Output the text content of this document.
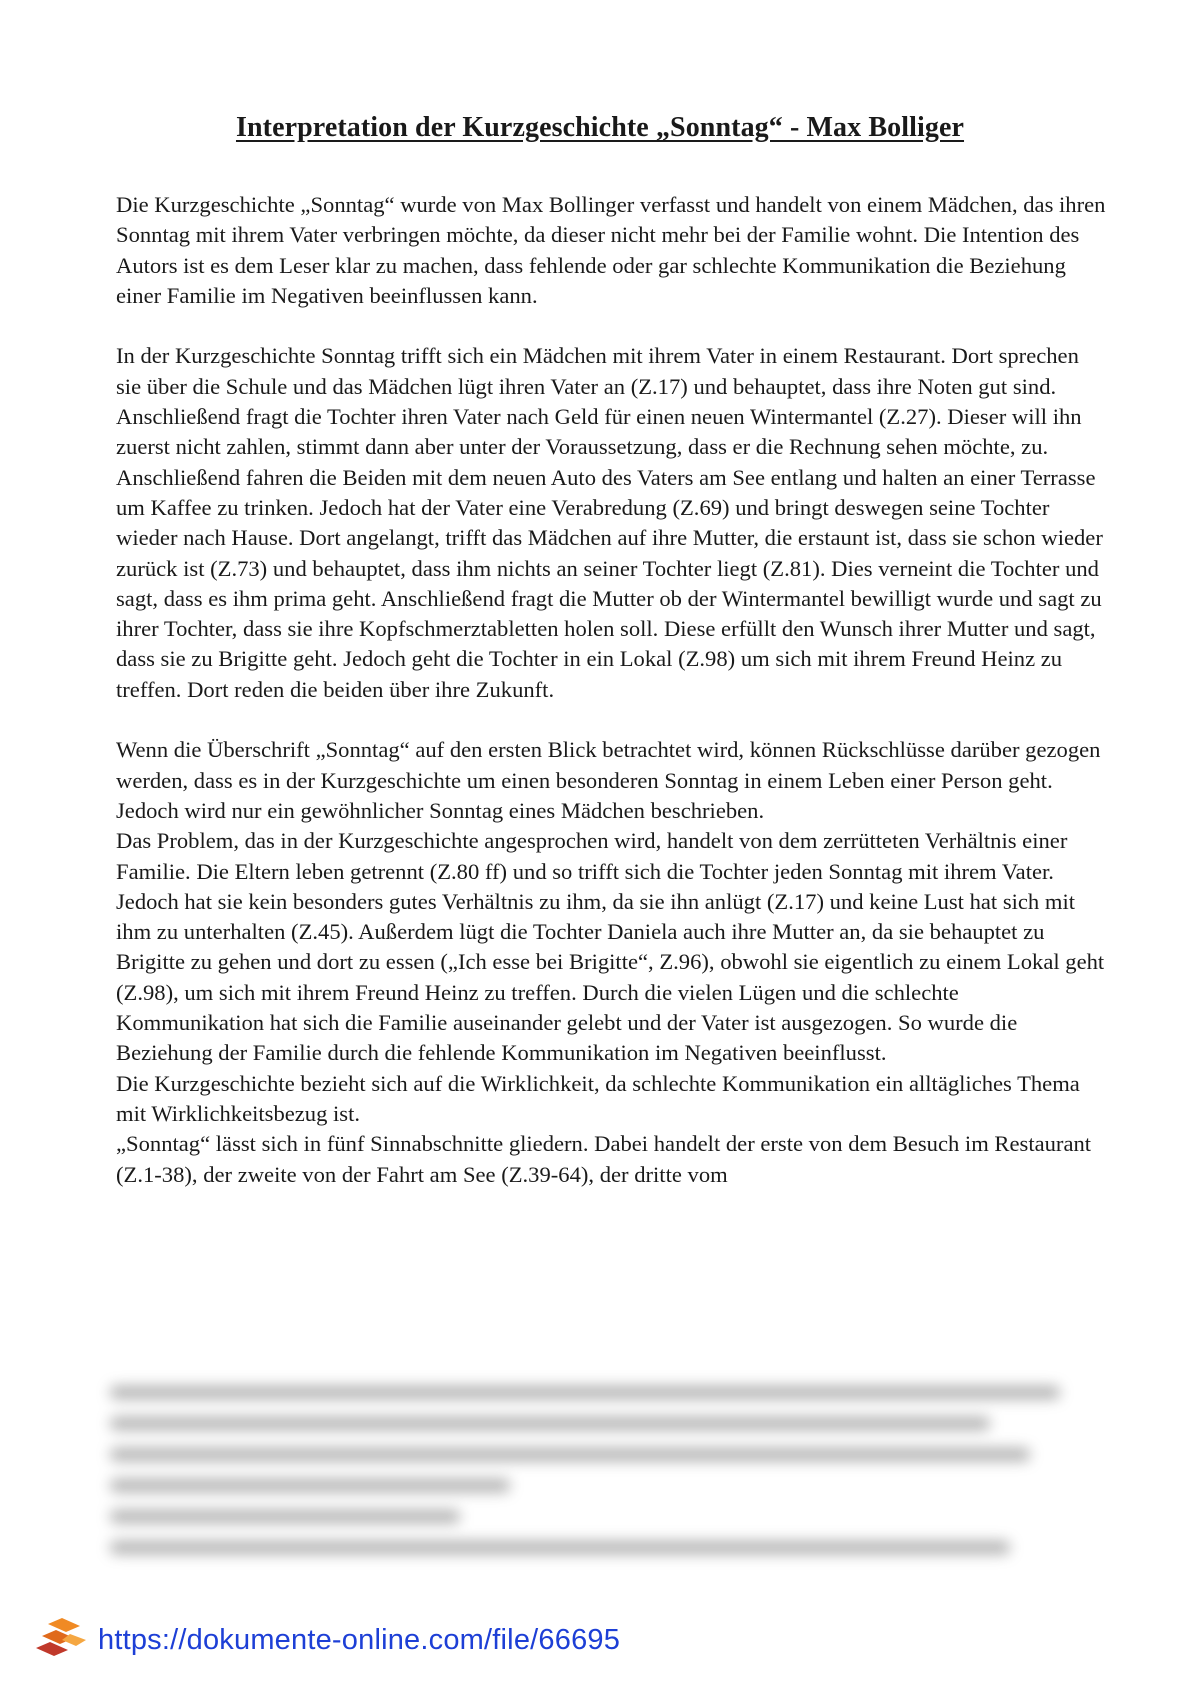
Interpretation der Kurzgeschichte „Sonntag“ - Max Bolliger

Die Kurzgeschichte „Sonntag“ wurde von Max Bollinger verfasst und handelt von einem Mädchen, das ihren Sonntag mit ihrem Vater verbringen möchte, da dieser nicht mehr bei der Familie wohnt. Die Intention des Autors ist es dem Leser klar zu machen, dass fehlende oder gar schlechte Kommunikation die Beziehung einer Familie im Negativen beeinflussen kann.

In der Kurzgeschichte Sonntag trifft sich ein Mädchen mit ihrem Vater in einem Restaurant. Dort sprechen sie über die Schule und das Mädchen lügt ihren Vater an (Z.17) und behauptet, dass ihre Noten gut sind. Anschließend fragt die Tochter ihren Vater nach Geld für einen neuen Wintermantel (Z.27). Dieser will ihn zuerst nicht zahlen, stimmt dann aber unter der Voraussetzung, dass er die Rechnung sehen möchte, zu. Anschließend fahren die Beiden mit dem neuen Auto des Vaters am See entlang und halten an einer Terrasse um Kaffee zu trinken. Jedoch hat der Vater eine Verabredung (Z.69) und bringt deswegen seine Tochter wieder nach Hause. Dort angelangt, trifft das Mädchen auf ihre Mutter, die erstaunt ist, dass sie schon wieder zurück ist (Z.73) und behauptet, dass ihm nichts an seiner Tochter liegt (Z.81). Dies verneint die Tochter und sagt, dass es ihm prima geht. Anschließend fragt die Mutter ob der Wintermantel bewilligt wurde und sagt zu ihrer Tochter, dass sie ihre Kopfschmerztabletten holen soll. Diese erfüllt den Wunsch ihrer Mutter und sagt, dass sie zu Brigitte geht. Jedoch geht die Tochter in ein Lokal (Z.98) um sich mit ihrem Freund Heinz zu treffen. Dort reden die beiden über ihre Zukunft.

Wenn die Überschrift „Sonntag“ auf den ersten Blick betrachtet wird, können Rückschlüsse darüber gezogen werden, dass es in der Kurzgeschichte um einen besonderen Sonntag in einem Leben einer Person geht. Jedoch wird nur ein gewöhnlicher Sonntag eines Mädchen beschrieben.

Das Problem, das in der Kurzgeschichte angesprochen wird, handelt von dem zerrütteten Verhältnis einer Familie. Die Eltern leben getrennt (Z.80 ff) und so trifft sich die Tochter jeden Sonntag mit ihrem Vater. Jedoch hat sie kein besonders gutes Verhältnis zu ihm, da sie ihn anlügt (Z.17) und keine Lust hat sich mit ihm zu unterhalten (Z.45). Außerdem lügt die Tochter Daniela auch ihre Mutter an, da sie behauptet zu Brigitte zu gehen und dort zu essen („Ich esse bei Brigitte“, Z.96), obwohl sie eigentlich zu einem Lokal geht (Z.98), um sich mit ihrem Freund Heinz zu treffen. Durch die vielen Lügen und die schlechte Kommunikation hat sich die Familie auseinander gelebt und der Vater ist ausgezogen. So wurde die Beziehung der Familie durch die fehlende Kommunikation im Negativen beeinflusst.

Die Kurzgeschichte bezieht sich auf die Wirklichkeit, da schlechte Kommunikation ein alltägliches Thema mit Wirklichkeitsbezug ist.

„Sonntag“ lässt sich in fünf Sinnabschnitte gliedern. Dabei handelt der erste von dem Besuch im Restaurant (Z.1-38), der zweite von der Fahrt am See (Z.39-64), der dritte vom

https://dokumente-online.com/file/66695
